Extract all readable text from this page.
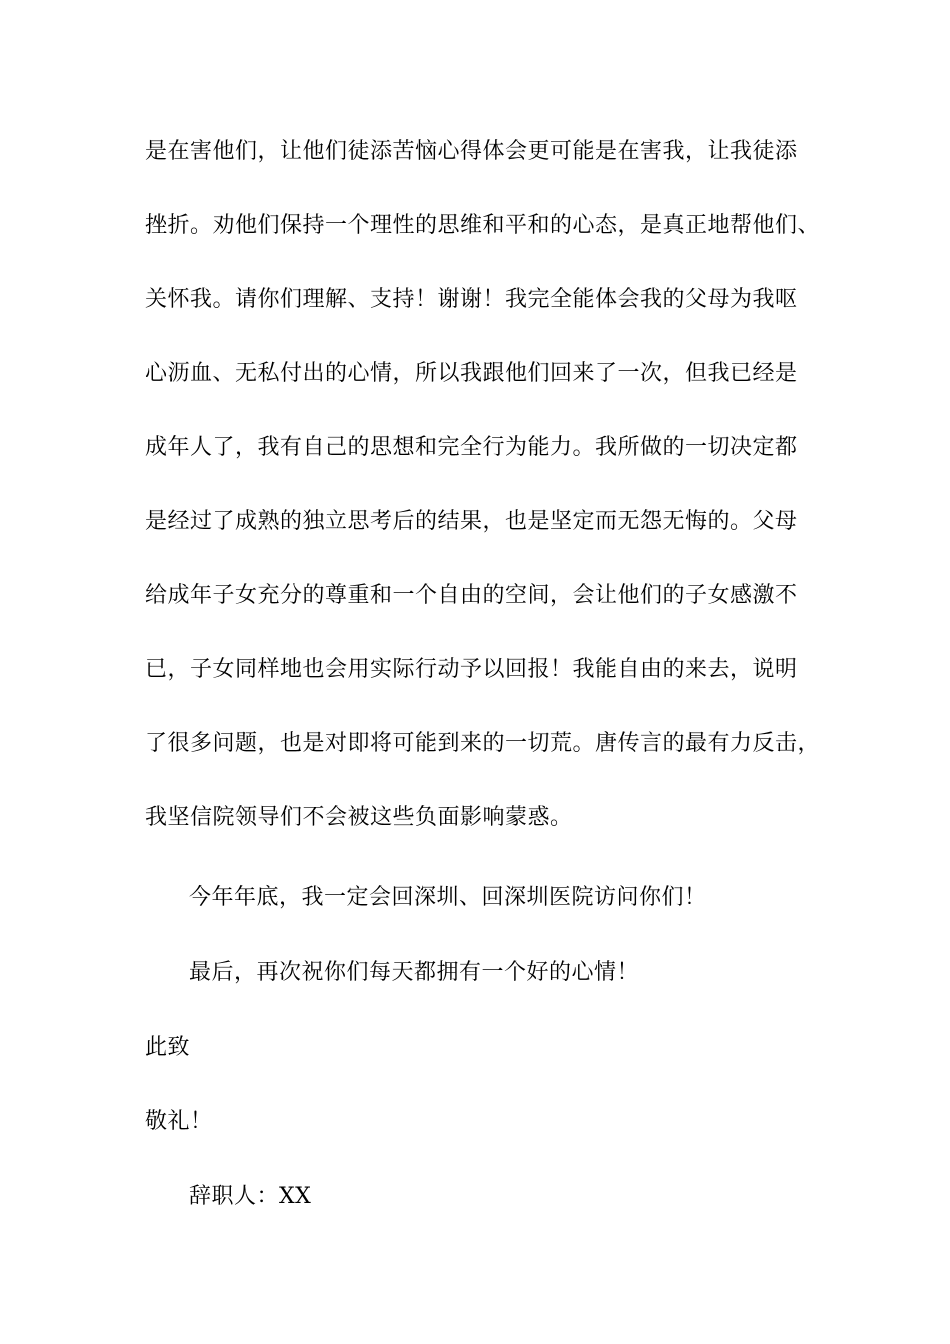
是在害他们，让他们徒添苦恼心得体会更可能是在害我，让我徒添
挫折。劝他们保持一个理性的思维和平和的心态，是真正地帮他们、
关怀我。请你们理解、支持！谢谢！我完全能体会我的父母为我呕
心沥血、无私付出的心情，所以我跟他们回来了一次，但我已经是
成年人了，我有自己的思想和完全行为能力。我所做的一切决定都
是经过了成熟的独立思考后的结果，也是坚定而无怨无悔的。父母
给成年子女充分的尊重和一个自由的空间，会让他们的子女感激不
已，子女同样地也会用实际行动予以回报！我能自由的来去，说明
了很多问题，也是对即将可能到来的一切荒。唐传言的最有力反击，
我坚信院领导们不会被这些负面影响蒙惑。
今年年底，我一定会回深圳、回深圳医院访问你们！
最后，再次祝你们每天都拥有一个好的心情！
此致
敬礼！
辞职人：XX
